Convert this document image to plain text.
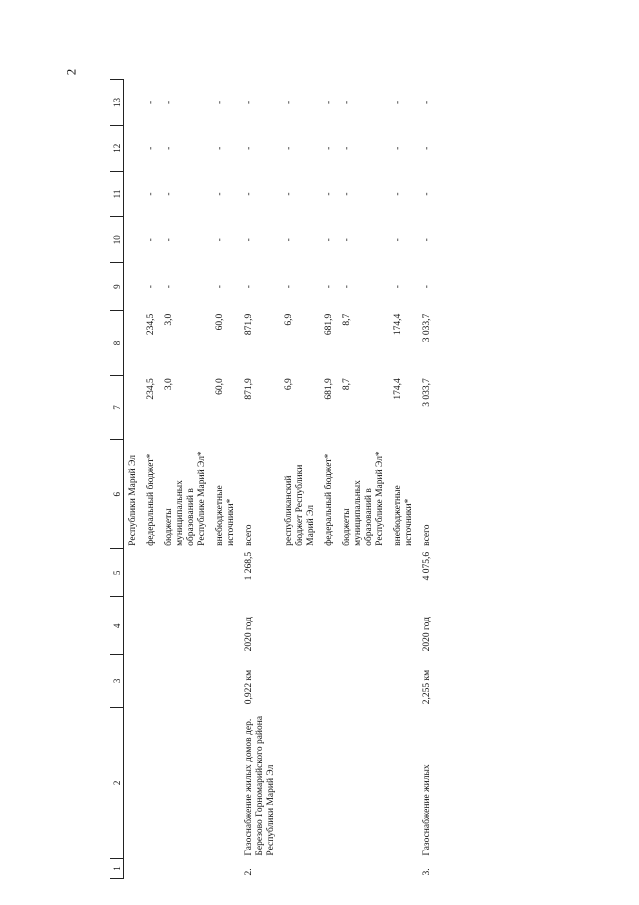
2
1	2	3	4	5	6	7	8	9	10	11	12	13
					Республики Марий Эл							
					федеральный бюджет*	234,5	234,5	-	-	-	-	-
					бюджеты муниципальных образований в Республике Марий Эл*	3,0	3,0	-	-	-	-	-
					внебюджетные источники*	60,0	60,0	-	-	-	-	-
2.	Газоснабжение жилых домов дер. Березово Горномарийского района Республики Марий Эл	0,922 км	2020 год	1 268,5	всего	871,9	871,9	-	-	-	-	-
					республиканский бюджет Республики Марий Эл	6,9	6,9	-	-	-	-	-
					федеральный бюджет*	681,9	681,9	-	-	-	-	-
					бюджеты муниципальных образований в Республике Марий Эл*	8,7	8,7	-	-	-	-	-
					внебюджетные источники*	174,4	174,4	-	-	-	-	-
3.	Газоснабжение жилых	2,255 км	2020 год	4 075,6	всего	3 033,7	3 033,7	-	-	-	-	-
